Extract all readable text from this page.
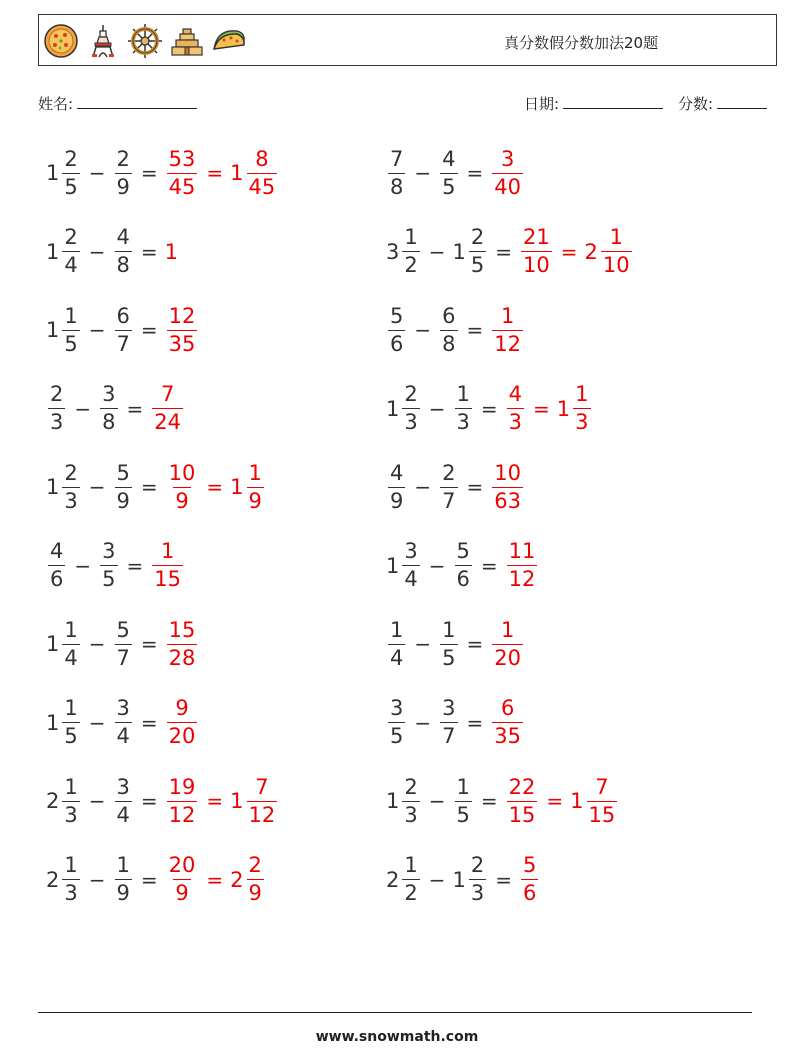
真分数假分数加法20题
姓名:	日期:	分数:
$1 \frac{2}{5} - \frac{2}{9} = \frac{53}{45} = 1 \frac{8}{45}$	$\frac{7}{8} - \frac{4}{5} = \frac{3}{40}$
$1 \frac{2}{4} - \frac{4}{8} = 1$	$3 \frac{1}{2} - 1 \frac{2}{5} = \frac{21}{10} = 2 \frac{1}{10}$
$1 \frac{1}{5} - \frac{6}{7} = \frac{12}{35}$	$\frac{5}{6} - \frac{6}{8} = \frac{1}{12}$
$\frac{2}{3} - \frac{3}{8} = \frac{7}{24}$	$1 \frac{2}{3} - \frac{1}{3} = \frac{4}{3} = 1 \frac{1}{3}$
$1 \frac{2}{3} - \frac{5}{9} = \frac{10}{9} = 1 \frac{1}{9}$	$\frac{4}{9} - \frac{2}{7} = \frac{10}{63}$
$\frac{4}{6} - \frac{3}{5} = \frac{1}{15}$	$1 \frac{3}{4} - \frac{5}{6} = \frac{11}{12}$
$1 \frac{1}{4} - \frac{5}{7} = \frac{15}{28}$	$\frac{1}{4} - \frac{1}{5} = \frac{1}{20}$
$1 \frac{1}{5} - \frac{3}{4} = \frac{9}{20}$	$\frac{3}{5} - \frac{3}{7} = \frac{6}{35}$
$2 \frac{1}{3} - \frac{3}{4} = \frac{19}{12} = 1 \frac{7}{12}$	$1 \frac{2}{3} - \frac{1}{5} = \frac{22}{15} = 1 \frac{7}{15}$
$2 \frac{1}{3} - \frac{1}{9} = \frac{20}{9} = 2 \frac{2}{9}$	$2 \frac{1}{2} - 1 \frac{2}{3} = \frac{5}{6}$
www.snowmath.com
